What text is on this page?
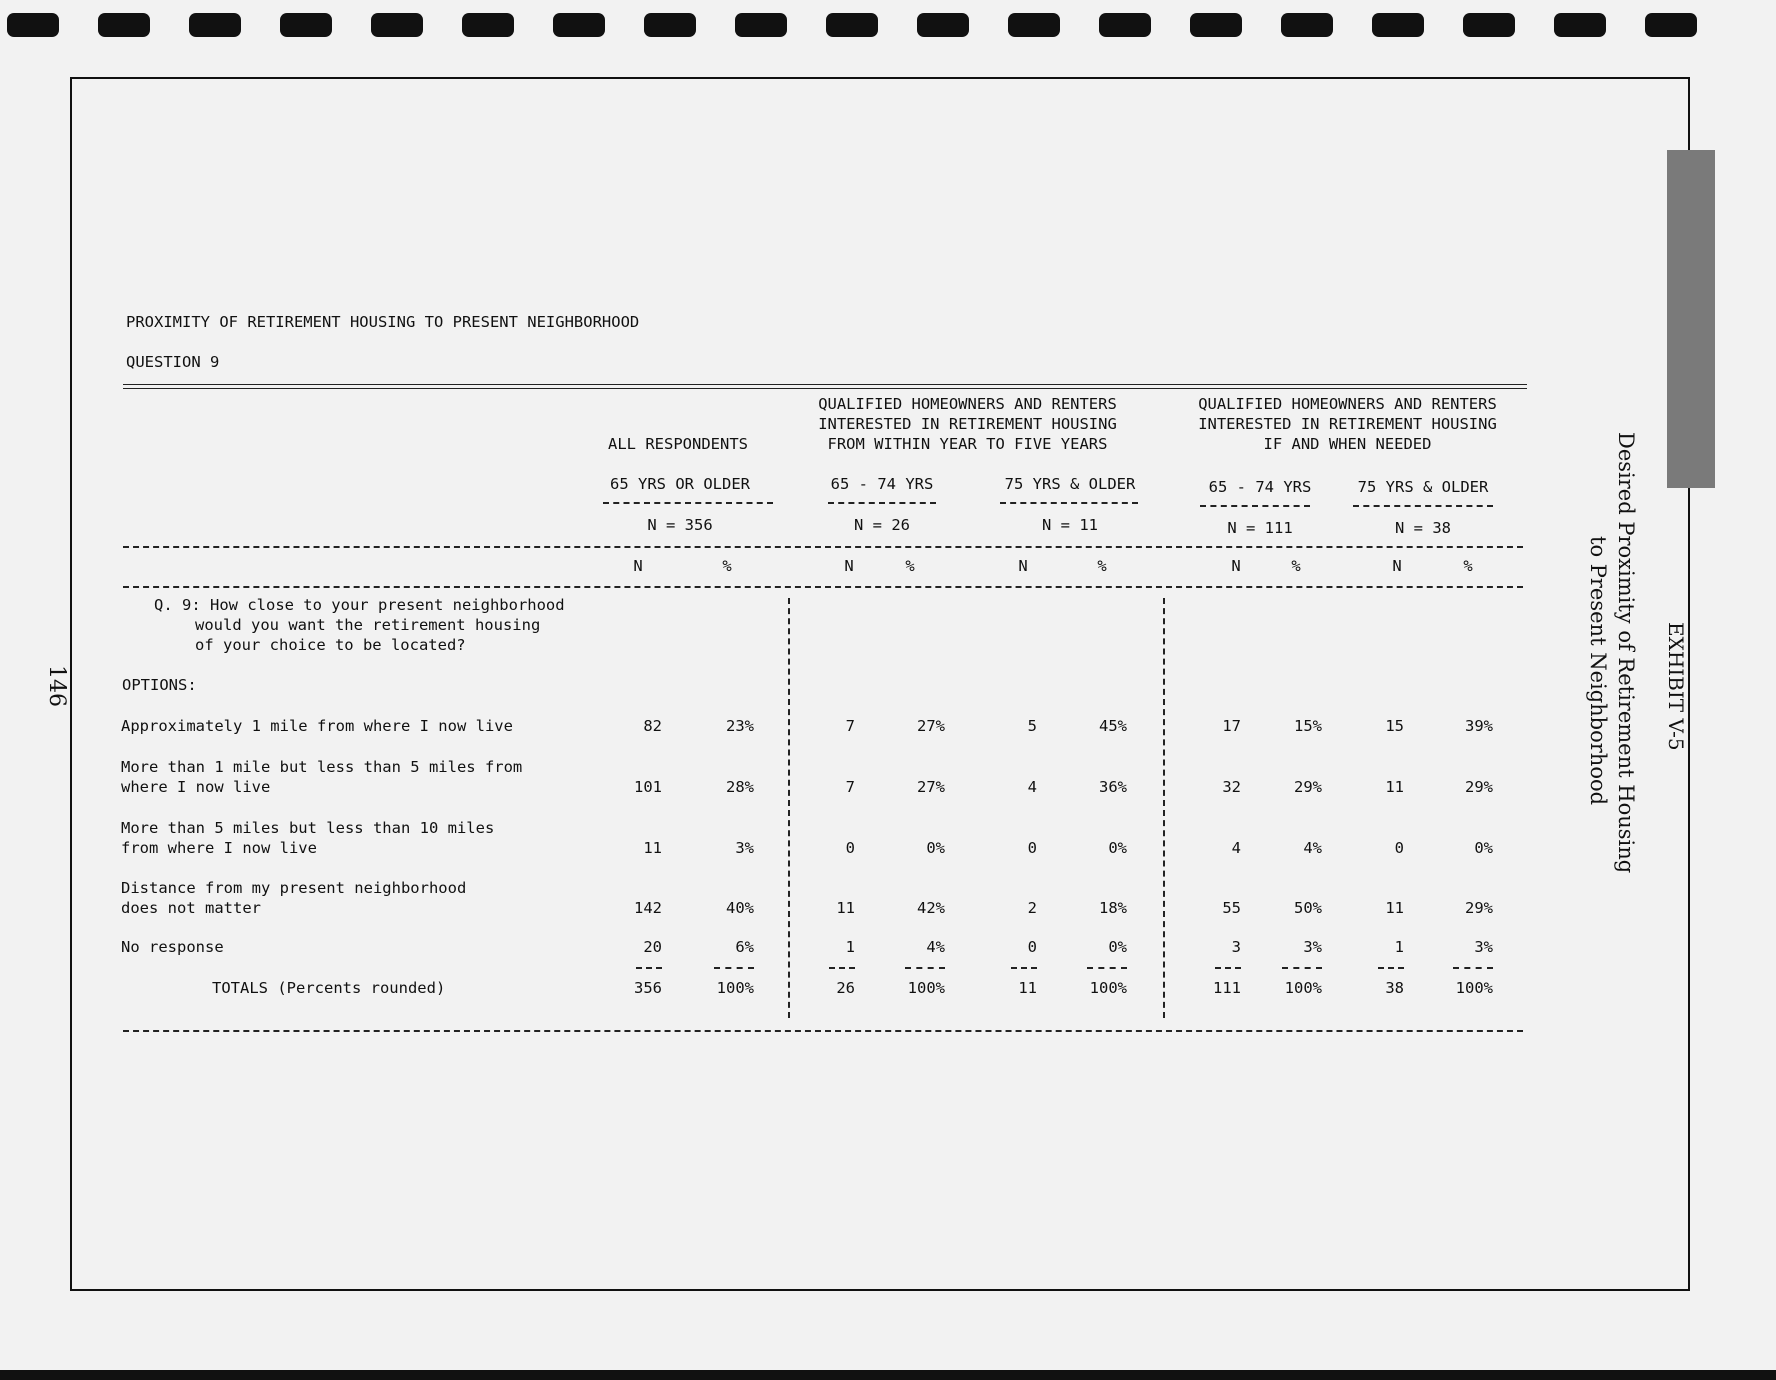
146	EXHIBIT V-5
Desired Proximity of Retirement Housing
to Present Neighborhood
PROXIMITY OF RETIREMENT HOUSING TO PRESENT NEIGHBORHOOD
QUESTION 9
ALL RESPONDENTS
QUALIFIED HOMEOWNERS AND RENTERS
INTERESTED IN RETIREMENT HOUSING
FROM WITHIN YEAR TO FIVE YEARS
QUALIFIED HOMEOWNERS AND RENTERS
INTERESTED IN RETIREMENT HOUSING
IF AND WHEN NEEDED
65 YRS OR OLDER	65 - 74 YRS	75 YRS & OLDER	65 - 74 YRS	75 YRS & OLDER
N = 356	N = 26	N = 11	N = 111	N = 38
N	%	N	%	N	%	N	%	N	%
Q. 9: How close to your present neighborhood
would you want the retirement housing
of your choice to be located?
OPTIONS:
Approximately 1 mile from where I now live	82	23%	7	27%	5	45%	17	15%	15	39%
More than 1 mile but less than 5 miles from
where I now live	101	28%	7	27%	4	36%	32	29%	11	29%
More than 5 miles but less than 10 miles
from where I now live	11	3%	0	0%	0	0%	4	4%	0	0%
Distance from my present neighborhood
does not matter	142	40%	11	42%	2	18%	55	50%	11	29%
No response	20	6%	1	4%	0	0%	3	3%	1	3%
TOTALS (Percents rounded)	356	100%	26	100%	11	100%	111	100%	38	100%
